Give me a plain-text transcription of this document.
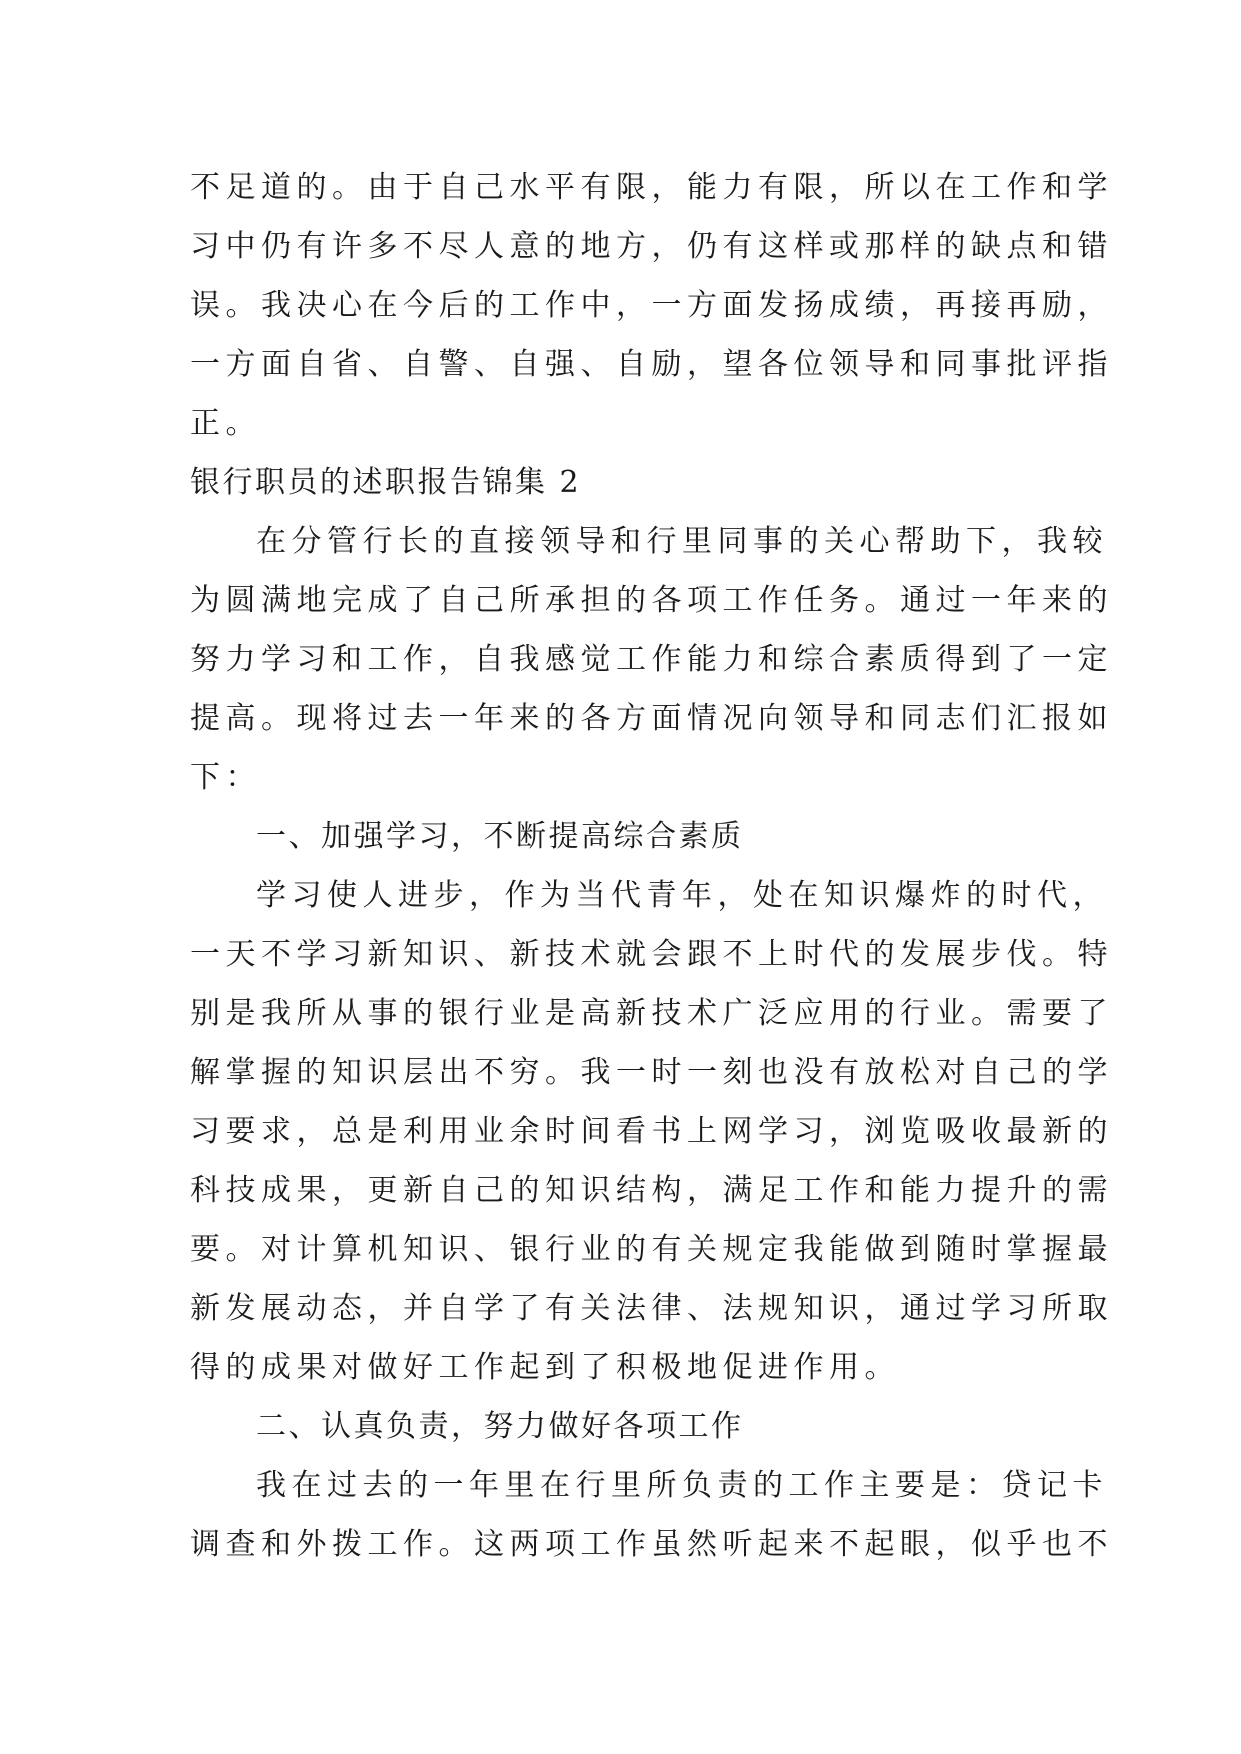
不足道的。由于自己水平有限，能力有限，所以在工作和学
习中仍有许多不尽人意的地方，仍有这样或那样的缺点和错
误。我决心在今后的工作中，一方面发扬成绩，再接再励，
一方面自省、自警、自强、自励，望各位领导和同事批评指
正。
银行职员的述职报告锦集 2
在分管行长的直接领导和行里同事的关心帮助下，我较
为圆满地完成了自己所承担的各项工作任务。通过一年来的
努力学习和工作，自我感觉工作能力和综合素质得到了一定
提高。现将过去一年来的各方面情况向领导和同志们汇报如
下：
一、加强学习，不断提高综合素质
学习使人进步，作为当代青年，处在知识爆炸的时代，
一天不学习新知识、新技术就会跟不上时代的发展步伐。特
别是我所从事的银行业是高新技术广泛应用的行业。需要了
解掌握的知识层出不穷。我一时一刻也没有放松对自己的学
习要求，总是利用业余时间看书上网学习，浏览吸收最新的
科技成果，更新自己的知识结构，满足工作和能力提升的需
要。对计算机知识、银行业的有关规定我能做到随时掌握最
新发展动态，并自学了有关法律、法规知识，通过学习所取
得的成果对做好工作起到了积极地促进作用。
二、认真负责，努力做好各项工作
我在过去的一年里在行里所负责的工作主要是：贷记卡
调查和外拨工作。这两项工作虽然听起来不起眼，似乎也不
